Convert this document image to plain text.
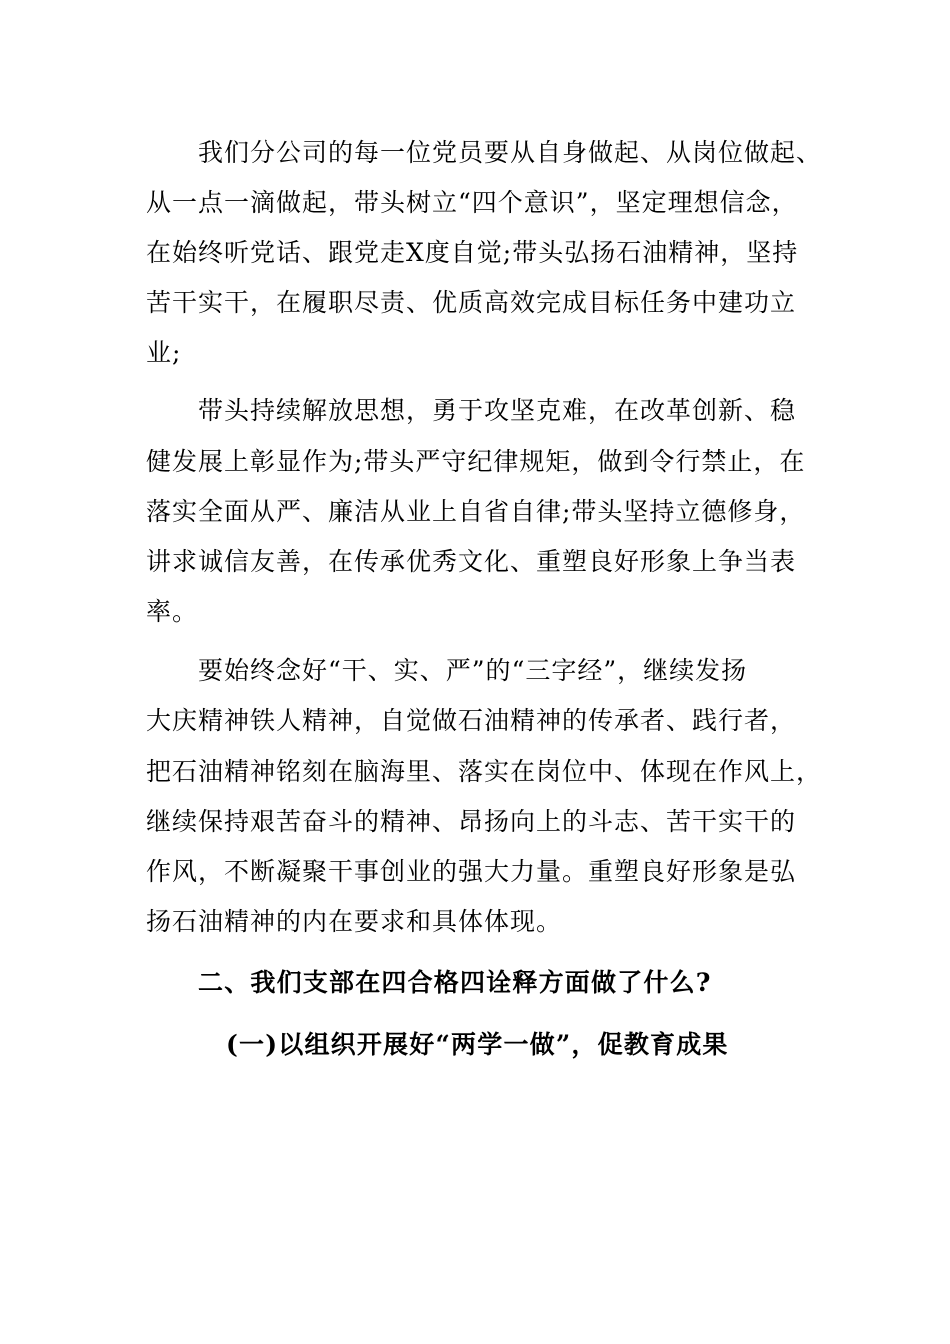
我们分公司的每一位党员要从自身做起、从岗位做起、
从一点一滴做起，带头树立“四个意识”，坚定理想信念，
在始终听党话、跟党走X度自觉;带头弘扬石油精神，坚持
苦干实干，在履职尽责、优质高效完成目标任务中建功立
业;
带头持续解放思想，勇于攻坚克难，在改革创新、稳
健发展上彰显作为;带头严守纪律规矩，做到令行禁止，在
落实全面从严、廉洁从业上自省自律;带头坚持立德修身，
讲求诚信友善，在传承优秀文化、重塑良好形象上争当表
率。
要始终念好“干、实、严”的“三字经”，继续发扬
大庆精神铁人精神，自觉做石油精神的传承者、践行者，
把石油精神铭刻在脑海里、落实在岗位中、体现在作风上，
继续保持艰苦奋斗的精神、昂扬向上的斗志、苦干实干的
作风，不断凝聚干事创业的强大力量。重塑良好形象是弘
扬石油精神的内在要求和具体体现。
二、我们支部在四合格四诠释方面做了什么?
(一)以组织开展好“两学一做”，促教育成果
